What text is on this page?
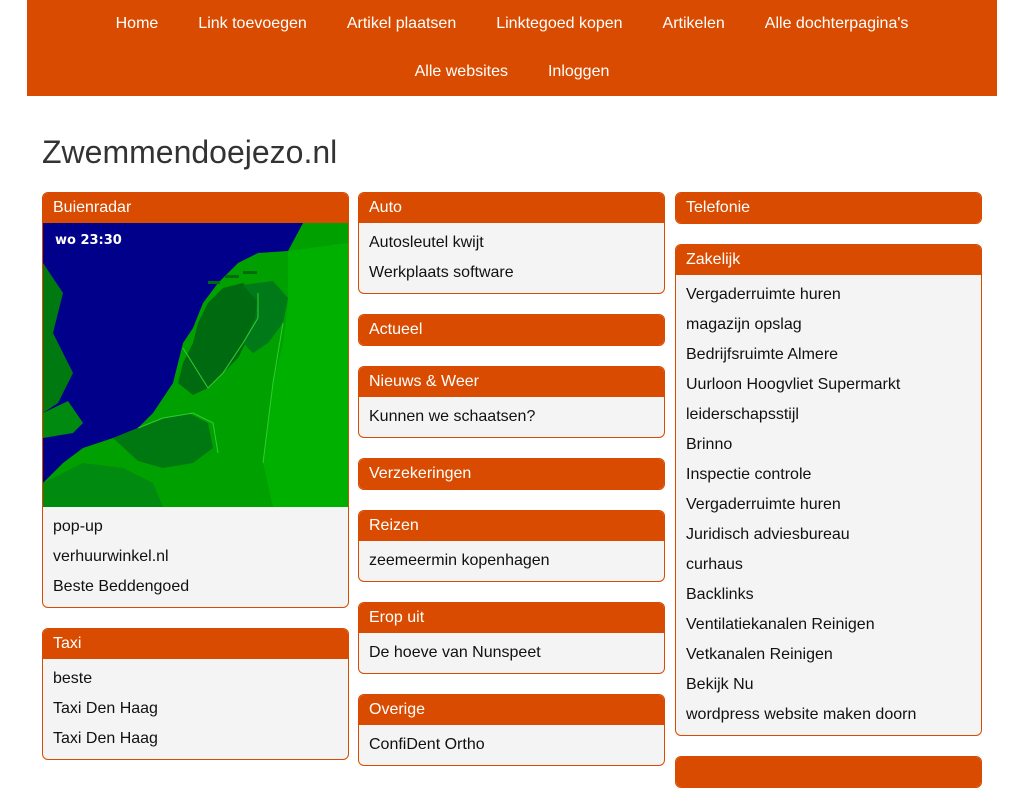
Home	Link toevoegen	Artikel plaatsen	Linktegoed kopen	Artikelen	Alle dochterpagina's
Alle websites	Inloggen
Zwemmendoejezo.nl
Buienradar
wo 23:30
pop-up
verhuurwinkel.nl
Beste Beddengoed
Taxi
beste
Taxi Den Haag
Taxi Den Haag
Auto
Autosleutel kwijt
Werkplaats software
Actueel
Nieuws & Weer
Kunnen we schaatsen?
Verzekeringen
Reizen
zeemeermin kopenhagen
Erop uit
De hoeve van Nunspeet
Overige
ConfiDent Ortho
Telefonie
Zakelijk
Vergaderruimte huren
magazijn opslag
Bedrijfsruimte Almere
Uurloon Hoogvliet Supermarkt
leiderschapsstijl
Brinno
Inspectie controle
Vergaderruimte huren
Juridisch adviesbureau
curhaus
Backlinks
Ventilatiekanalen Reinigen
Vetkanalen Reinigen
Bekijk Nu
wordpress website maken doorn
